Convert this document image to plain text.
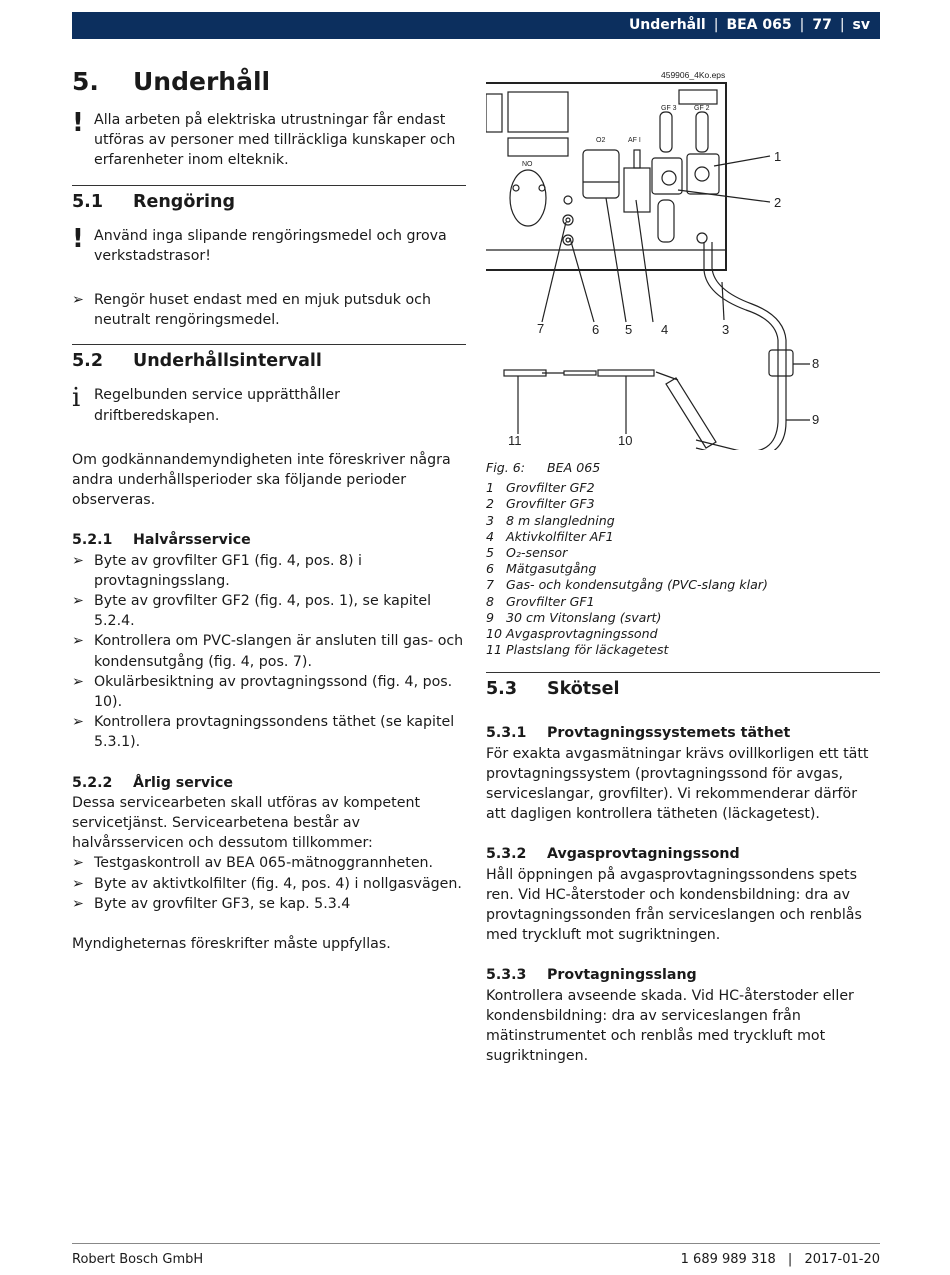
Underhåll | BEA 065 | 77 | sv
5.	Underhåll
! Alla arbeten på elektriska utrustningar får endast utföras av personer med tillräckliga kunskaper och erfarenheter inom elteknik.

5.1	Rengöring
! Använd inga slipande rengöringsmedel och grova verkstadstrasor!

➢ Rengör huset endast med en mjuk putsduk och neutralt rengöringsmedel.

5.2	Underhållsintervall
i Regelbunden service upprätthåller driftberedskapen.

Om godkännandemyndigheten inte föreskriver några andra underhållsperioder ska följande perioder observeras.

5.2.1	Halvårsservice
➢ Byte av grovfilter GF1 (fig. 4, pos. 8) i provtagningsslang.

➢ Byte av grovfilter GF2 (fig. 4, pos. 1), se kapitel 5.2.4.

➢ Kontrollera om PVC-slangen är ansluten till gas- och kondensutgång (fig. 4, pos. 7).

➢ Okulärbesiktning av provtagningssond (fig. 4, pos. 10).

➢ Kontrollera provtagningssondens täthet (se kapitel 5.3.1).

5.2.2	Årlig service

Dessa servicearbeten skall utföras av kompetent servicetjänst. Servicearbetena består av halvårsservicen och dessutom tillkommer:

➢ Testgaskontroll av BEA 065-mätnoggrannheten.

➢ Byte av aktivtkolfilter (fig. 4, pos. 4) i nollgasvägen.

➢ Byte av grovfilter GF3, se kap. 5.3.4

Myndigheternas föreskrifter måste uppfyllas.

459906_4Ko.eps
GF 3 GF 2
O2	AF I
NO
1
2
3
4
5
6
7
8
9
10
11
Fig. 6:	BEA 065
1 Grovfilter GF2
2 Grovfilter GF3
3 8 m slangledning
4 Aktivkolfilter AF1
5 O₂-sensor
6 Mätgasutgång
7 Gas- och kondensutgång (PVC-slang klar)
8 Grovfilter GF1
9 30 cm Vitonslang (svart)
10 Avgasprovtagningssond
11 Plastslang för läckagetest
5.3	Skötsel
5.3.1	Provtagningssystemets täthet

För exakta avgasmätningar krävs ovillkorligen ett tätt provtagningssystem (provtagningssond för avgas, serviceslangar, grovfilter). Vi rekommenderar därför att dagligen kontrollera tätheten (läckagetest).

5.3.2	Avgasprovtagningssond

Håll öppningen på avgasprovtagningssondens spets ren. Vid HC-återstoder och kondensbildning: dra av provtagningssonden från serviceslangen och renblås med tryckluft mot sugriktningen.

5.3.3	Provtagningsslang

Kontrollera avseende skada. Vid HC-återstoder eller kondensbildning: dra av serviceslangen från mätinstrumentet och renblås med tryckluft mot sugriktningen.

Robert Bosch GmbH	1 689 989 318 | 2017-01-20
